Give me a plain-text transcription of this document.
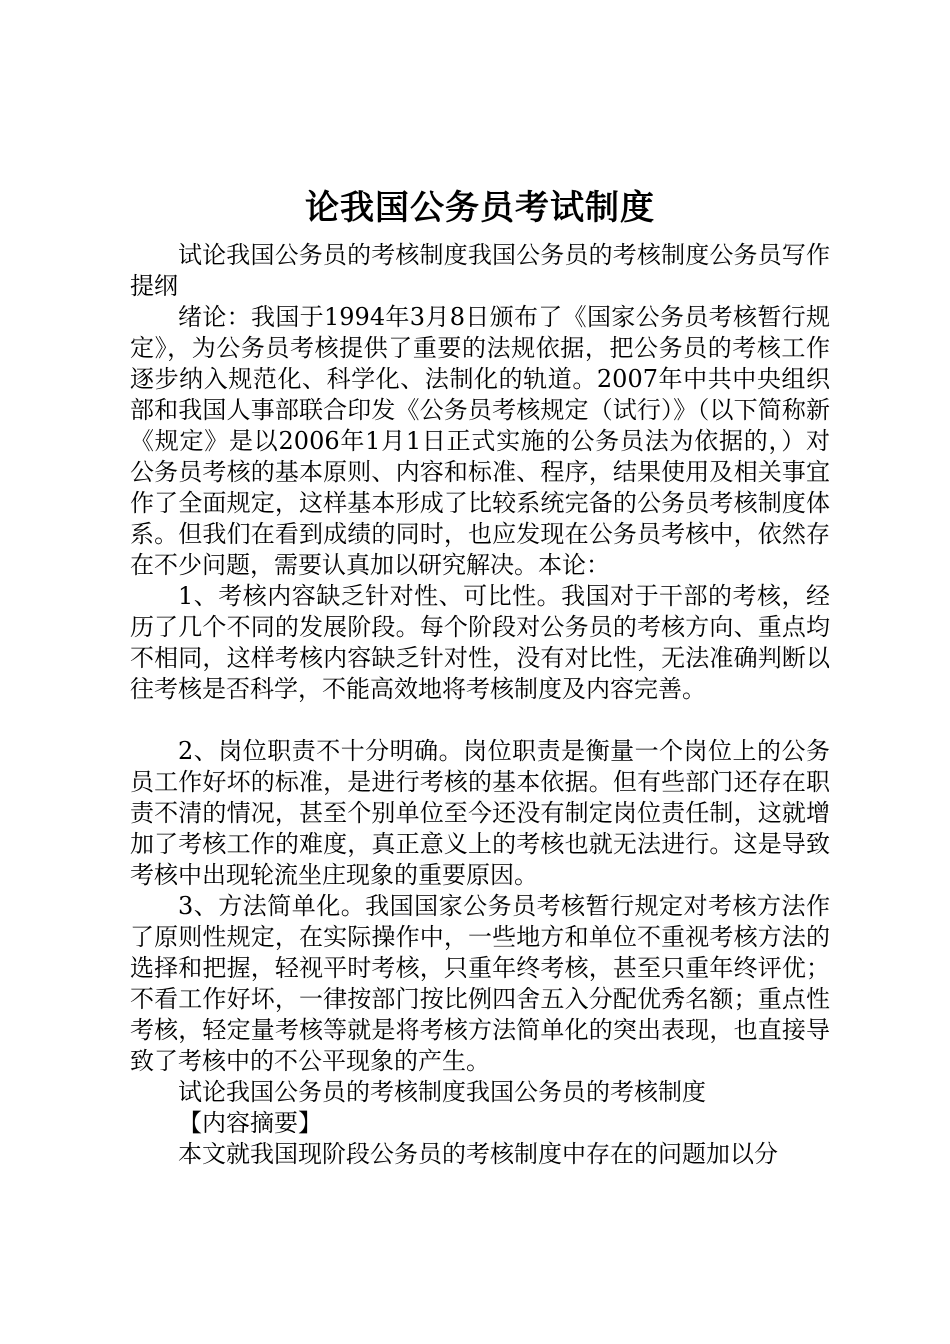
论我国公务员考试制度

试论我国公务员的考核制度我国公务员的考核制度公务员写作提纲

绪论：我国于1994年3月8日颁布了《国家公务员考核暂行规定》，为公务员考核提供了重要的法规依据，把公务员的考核工作逐步纳入规范化、科学化、法制化的轨道。2007年中共中央组织部和我国人事部联合印发《公务员考核规定（试行）》（以下简称新《规定》是以2006年1月1日正式实施的公务员法为依据的，）对公务员考核的基本原则、内容和标准、程序，结果使用及相关事宜作了全面规定，这样基本形成了比较系统完备的公务员考核制度体系。但我们在看到成绩的同时，也应发现在公务员考核中，依然存在不少问题，需要认真加以研究解决。本论：

1、考核内容缺乏针对性、可比性。我国对于干部的考核，经历了几个不同的发展阶段。每个阶段对公务员的考核方向、重点均不相同，这样考核内容缺乏针对性，没有对比性，无法准确判断以往考核是否科学，不能高效地将考核制度及内容完善。

2、岗位职责不十分明确。岗位职责是衡量一个岗位上的公务员工作好坏的标准，是进行考核的基本依据。但有些部门还存在职责不清的情况，甚至个别单位至今还没有制定岗位责任制，这就增加了考核工作的难度，真正意义上的考核也就无法进行。这是导致考核中出现轮流坐庄现象的重要原因。

3、方法简单化。我国国家公务员考核暂行规定对考核方法作了原则性规定，在实际操作中，一些地方和单位不重视考核方法的选择和把握，轻视平时考核，只重年终考核，甚至只重年终评优；不看工作好坏，一律按部门按比例四舍五入分配优秀名额；重点性考核，轻定量考核等就是将考核方法简单化的突出表现，也直接导致了考核中的不公平现象的产生。

试论我国公务员的考核制度我国公务员的考核制度

【内容摘要】

本文就我国现阶段公务员的考核制度中存在的问题加以分
